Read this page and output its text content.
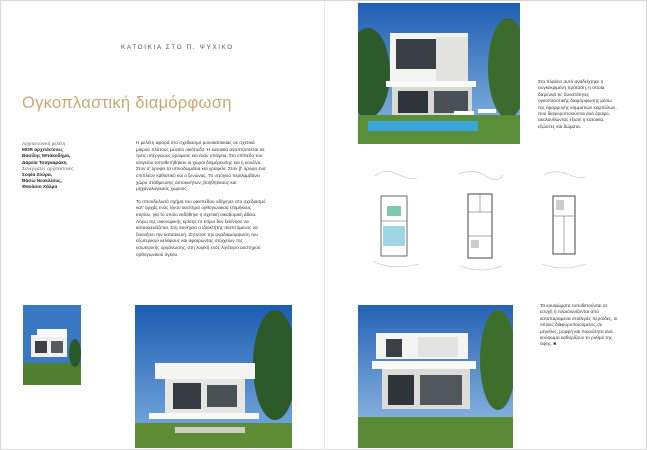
ΚΑΤΟΙΚΙΑ ΣΤΟ Π. ΨΥΧΙΚΟ
Ογκοπλαστική διαμόρφωση
Αρχιτεκτονική μελέτη
MOR αρχιτέκτονες
Βασίλης Μπακοδήμα,
Δαρεία Τσαγκαράκη
Συνεργάτες αρχιτέκτονες
Σοφία Ζούρα,
Βάσω Νεοκλέους,
Φανάσιο Χάλμα

Η μελέτη αφορά στο σχεδιασμό μονοκατοικίας σε σχετικά μικρού πλάτους μεσαίο οικόπεδο. Η κατοικία αναπτύσσεται σε τρεις υπέργειους ορόφους και έναν υπόγειο. Στο επίπεδο του ισογείου τοποθετήθηκαν οι χώροι διημέρευσης και η κουζίνα. Στον α' όροφο τα υπνοδωμάτια και γραφείο. Στον β' όροφο ένα επιπλέον καθιστικό και ο ξενώνας. Το υπόγειο περιλαμβάνει χώρο σταθμευσης αυτοκινήτων, βοηθητικούς και μηχανολογικούς χώρους.

Το σπονδυλωτό σχήμα του οικοπέδου οδήγησε στο σχεδιασμό κατ' αρχάς ενός λίγου αυστηρά ορθογωνικού επιμήκους κτιρίου, για το οποίο εκδόθηκε η σχετική οικοδομική άδεια. Λόγω της οικονομικής κρίσης το κτίριο δεν ξεκίνησε να κατασκευάζεται. Στη συνέχεια ο ιδιοκτήτης σκεπτόμενος να ξεκινήσει την κατασκευή. Ζητούσε την αναδιαμόρφωση του εξωτερικού κελύφους και αφαιρώντας στοιχείων της εσωτερικής οργάνωσης, στη λογική ενός λιγότερο αυστηρού ορθογωνικού όγκου.

Στο πλαίσιο αυτό αναδείχτηκε η συγκεκριμένη πρόταση, η οποία διερευνά τις δυνατότητες ογκοπλαστικής διαμόρφωσης μέσω της εφαρμογής κομματιών καμπύλων, που διαφοροποιούνται ανά όροφο, ακολουθώντας εξωτέ η κατοικία, εξώστες και δώματα.
Τα κουφώματα τοποθετούνται σε εσοχή ή πλαισιονίζονται από καταπαραμενα σταθερές περσίδες, οι οποίες διαφοροποιούμενες σε μέγεθος, μορφή και πυκνότητα ανά κούφωμα καθορίζουν το ρυθμό της όψης. ■
